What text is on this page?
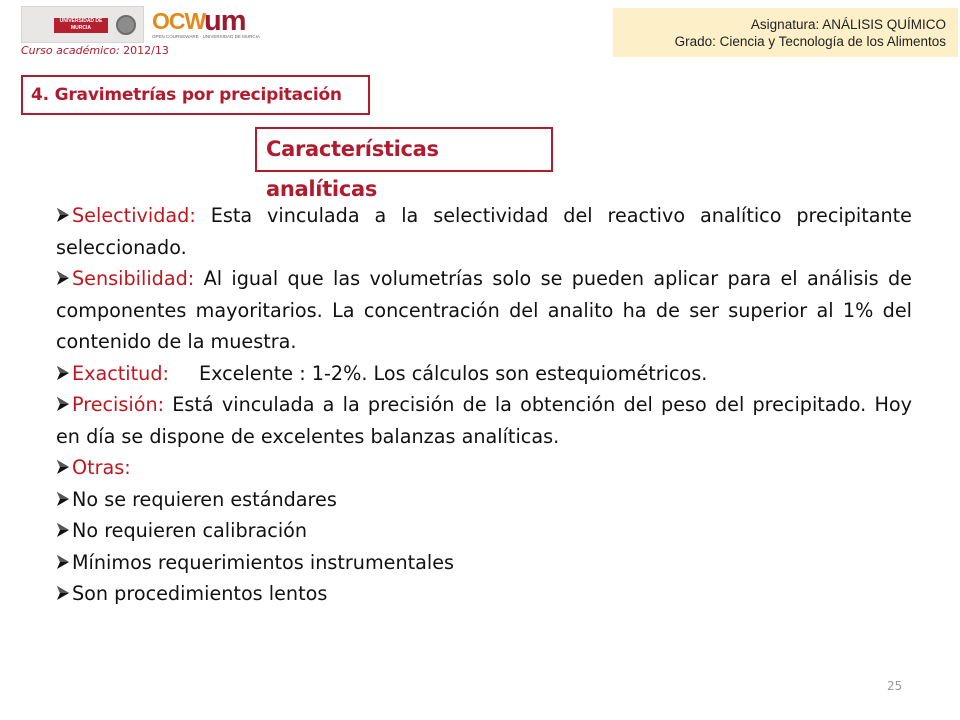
UNIVERSIDAD DE MURCIA	OCW
um
OPEN COURSEWARE · UNIVERSIDAD DE MURCIA
Curso académico: 2012/13
Asignatura: ANÁLISIS QUÍMICO
Grado: Ciencia y Tecnología de los Alimentos
4. Gravimetrías por precipitación
Características analíticas
Selectividad: Esta vinculada a la selectividad del reactivo analítico precipitante seleccionado.
Sensibilidad: Al igual que las volumetrías solo se pueden aplicar para el análisis de componentes mayoritarios. La concentración del analito ha de ser superior al 1% del contenido de la muestra.
Exactitud: Excelente : 1-2%. Los cálculos son estequiométricos.
Precisión: Está vinculada a la precisión de la obtención del peso del precipitado. Hoy en día se dispone de excelentes balanzas analíticas.
Otras:
No se requieren estándares
No requieren calibración
Mínimos requerimientos instrumentales
Son procedimientos lentos
25
